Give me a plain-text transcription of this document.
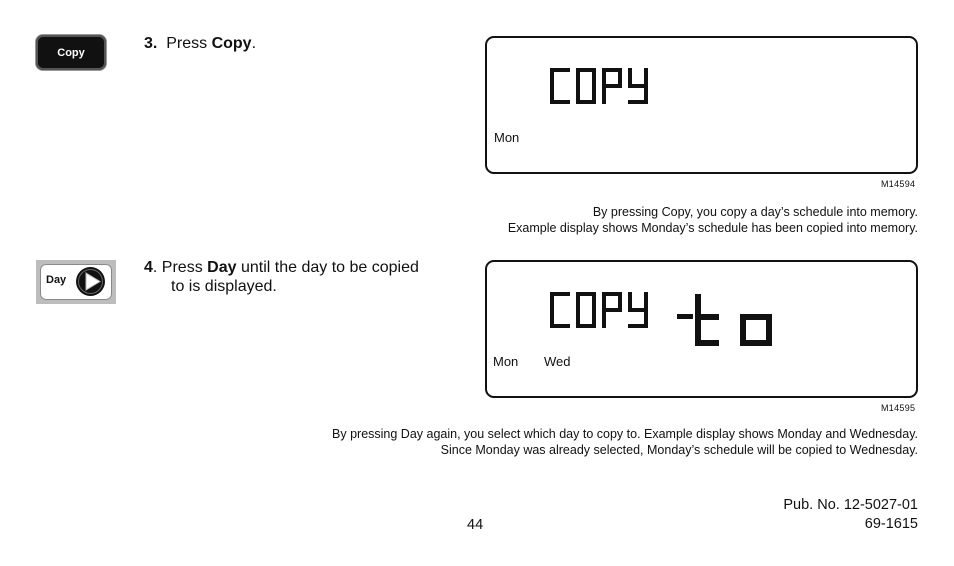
Copy
3. Press Copy.
Mon
M14594
By pressing Copy, you copy a day’s schedule into memory.
Example display shows Monday’s schedule has been copied into memory.
Day
4. Press Day until the day to be copied
to is displayed.
Mon Wed
M14595
By pressing Day again, you select which day to copy to. Example display shows Monday and Wednesday.
Since Monday was already selected, Monday’s schedule will be copied to Wednesday.
44
Pub. No. 12-5027-01
69-1615
